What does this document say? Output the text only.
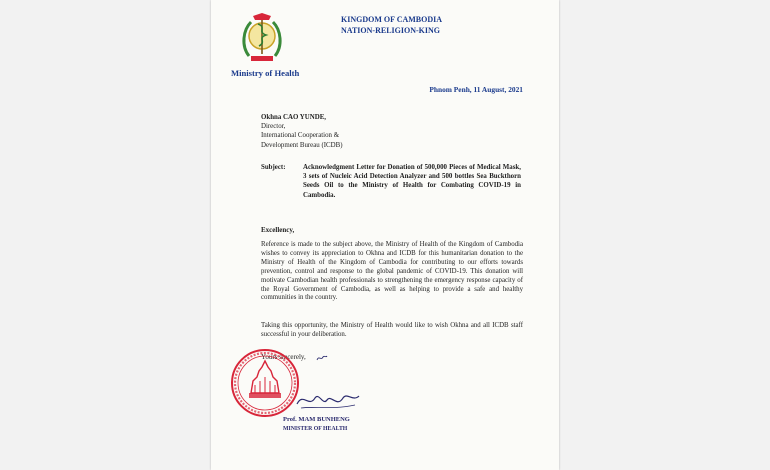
KINGDOM OF CAMBODIA
NATION-RELIGION-KING
Ministry of Health
Phnom Penh, 11 August, 2021
Okhna CAO YUNDE,
Director,
International Cooperation &
Development Bureau (ICDB)
Subject:	Acknowledgment Letter for Donation of 500,000 Pieces of Medical Mask, 3 sets of Nucleic Acid Detection Analyzer and 500 bottles Sea Buckthorn Seeds Oil to the Ministry of Health for Combating COVID-19 in Cambodia.
Excellency,
Reference is made to the subject above, the Ministry of Health of the Kingdom of Cambodia wishes to convey its appreciation to Okhna and ICDB for this humanitarian donation to the Ministry of Health of the Kingdom of Cambodia for contributing to our efforts towards prevention, control and response to the global pandemic of COVID-19. This donation will motivate Cambodian health professionals to strengthening the emergency response capacity of the Royal Government of Cambodia, as well as helping to provide a safe and healthy communities in the country.
Taking this opportunity, the Ministry of Health would like to wish Okhna and all ICDB staff successful in your deliberation.
Yours sincerely,
Prof. MAM BUNHENG
MINISTER OF HEALTH
